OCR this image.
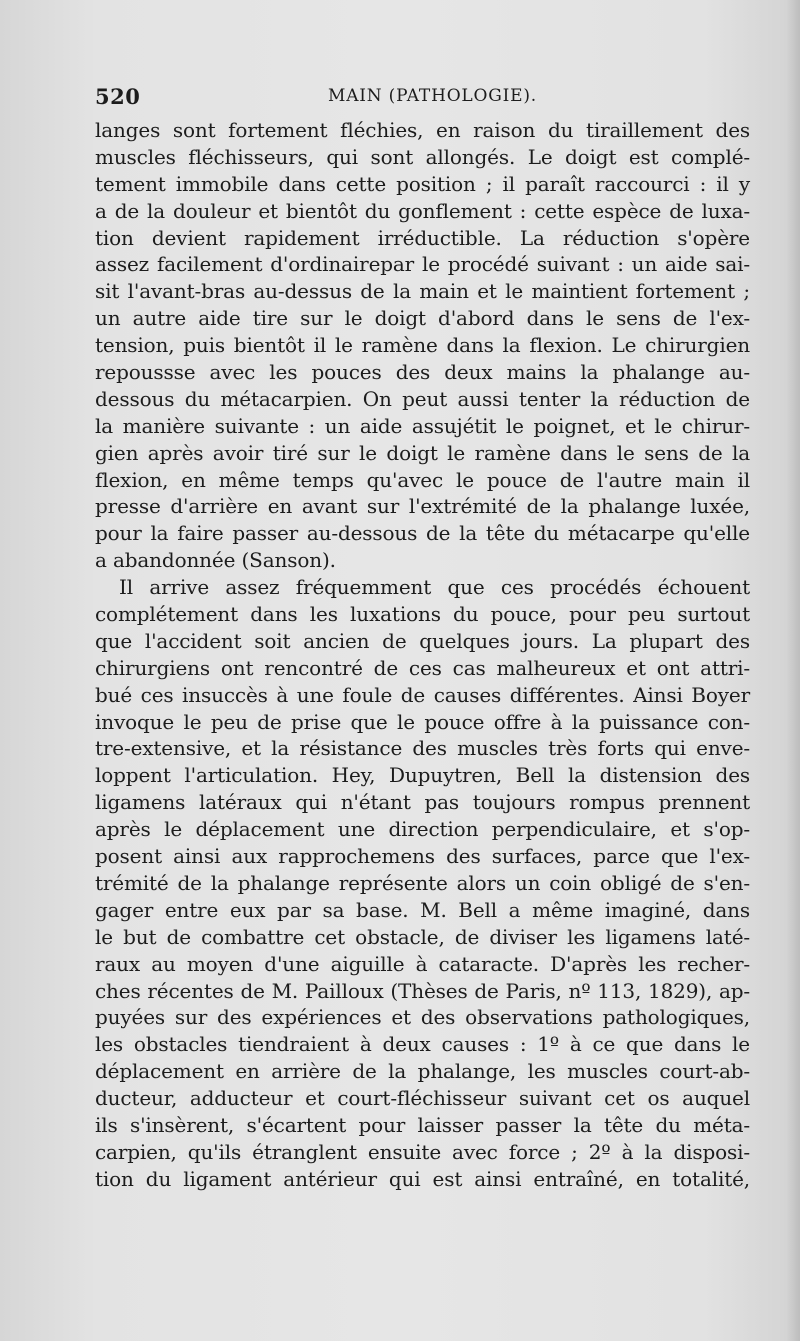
520	MAIN (PATHOLOGIE).
langes sont fortement fléchies, en raison du tiraillement des
muscles fléchisseurs, qui sont allongés. Le doigt est complé-
tement immobile dans cette position ; il paraît raccourci : il y
a de la douleur et bientôt du gonflement : cette espèce de luxa-
tion devient rapidement irréductible. La réduction s'opère
assez facilement d'ordinairepar le procédé suivant : un aide sai-
sit l'avant-bras au-dessus de la main et le maintient fortement ;
un autre aide tire sur le doigt d'abord dans le sens de l'ex-
tension, puis bientôt il le ramène dans la flexion. Le chirurgien
repoussse avec les pouces des deux mains la phalange au-
dessous du métacarpien. On peut aussi tenter la réduction de
la manière suivante : un aide assujétit le poignet, et le chirur-
gien après avoir tiré sur le doigt le ramène dans le sens de la
flexion, en même temps qu'avec le pouce de l'autre main il
presse d'arrière en avant sur l'extrémité de la phalange luxée,
pour la faire passer au-dessous de la tête du métacarpe qu'elle
a abandonnée (Sanson).
Il arrive assez fréquemment que ces procédés échouent
complétement dans les luxations du pouce, pour peu surtout
que l'accident soit ancien de quelques jours. La plupart des
chirurgiens ont rencontré de ces cas malheureux et ont attri-
bué ces insuccès à une foule de causes différentes. Ainsi Boyer
invoque le peu de prise que le pouce offre à la puissance con-
tre-extensive, et la résistance des muscles très forts qui enve-
loppent l'articulation. Hey, Dupuytren, Bell la distension des
ligamens latéraux qui n'étant pas toujours rompus prennent
après le déplacement une direction perpendiculaire, et s'op-
posent ainsi aux rapprochemens des surfaces, parce que l'ex-
trémité de la phalange représente alors un coin obligé de s'en-
gager entre eux par sa base. M. Bell a même imaginé, dans
le but de combattre cet obstacle, de diviser les ligamens laté-
raux au moyen d'une aiguille à cataracte. D'après les recher-
ches récentes de M. Pailloux (Thèses de Paris, nº 113, 1829), ap-
puyées sur des expériences et des observations pathologiques,
les obstacles tiendraient à deux causes : 1º à ce que dans le
déplacement en arrière de la phalange, les muscles court-ab-
ducteur, adducteur et court-fléchisseur suivant cet os auquel
ils s'insèrent, s'écartent pour laisser passer la tête du méta-
carpien, qu'ils étranglent ensuite avec force ; 2º à la disposi-
tion du ligament antérieur qui est ainsi entraîné, en totalité,
